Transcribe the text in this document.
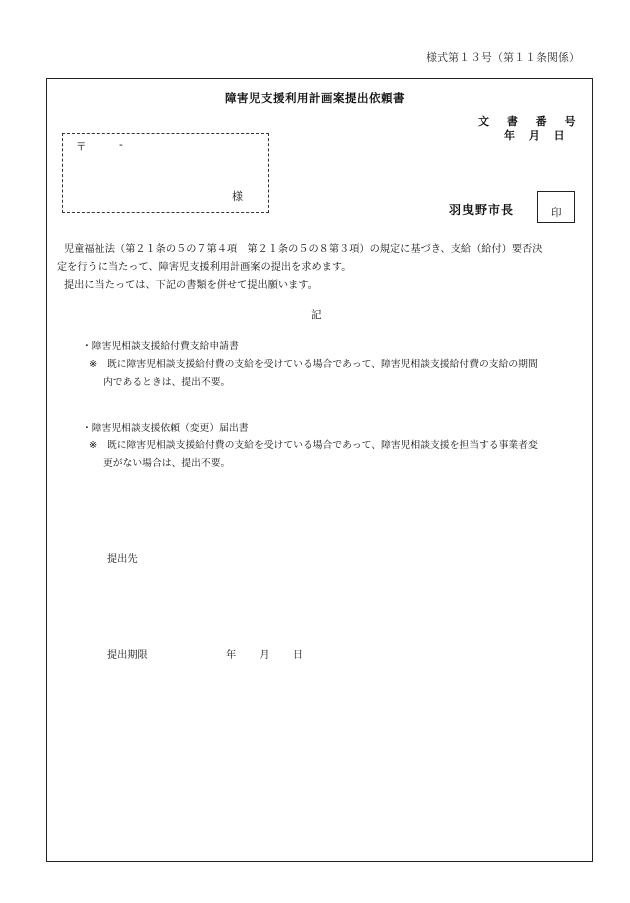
様式第１３号（第１１条関係）
障害児支援利用計画案提出依頼書
文 書 番 号
年 月 日
〒	-
様
羽曳野市長	印
児童福祉法（第２１条の５の７第４項　第２１条の５の８第３項）の規定に基づき、支給（給付）要否決
定を行うに当たって、障害児支援利用計画案の提出を求めます。
提出に当たっては、下記の書類を併せて提出願います。
記
・障害児相談支援給付費支給申請書
※　既に障害児相談支援給付費の支給を受けている場合であって、障害児相談支援給付費の支給の期間
内であるときは、提出不要。
・障害児相談支援依頼（変更）届出書
※　既に障害児相談支援給付費の支給を受けている場合であって、障害児相談支援を担当する事業者変
更がない場合は、提出不要。
提出先
提出期限	年 月 日
